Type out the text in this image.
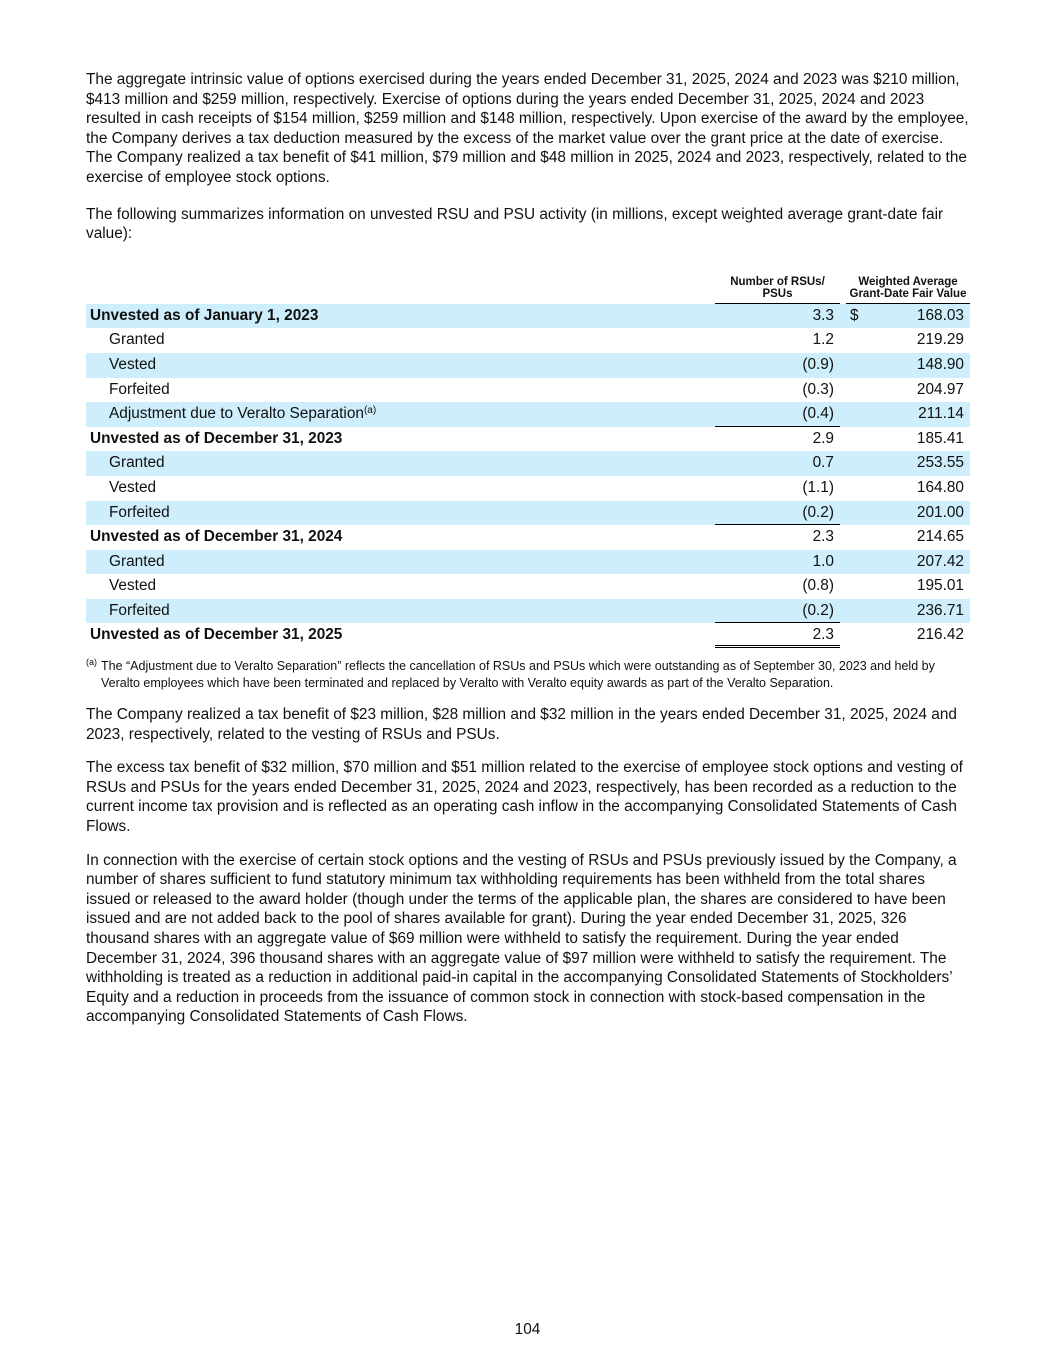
The aggregate intrinsic value of options exercised during the years ended December 31, 2025, 2024 and 2023 was $210 million, $413 million and $259 million, respectively. Exercise of options during the years ended December 31, 2025, 2024 and 2023 resulted in cash receipts of $154 million, $259 million and $148 million, respectively. Upon exercise of the award by the employee, the Company derives a tax deduction measured by the excess of the market value over the grant price at the date of exercise. The Company realized a tax benefit of $41 million, $79 million and $48 million in 2025, 2024 and 2023, respectively, related to the exercise of employee stock options.

The following summarizes information on unvested RSU and PSU activity (in millions, except weighted average grant-date fair value):

Number of RSUs/ PSUs
Weighted Average Grant-Date Fair Value
Unvested as of January 1, 2023	3.3	$	168.03
Granted	1.2	219.29
Vested	(0.9)	148.90
Forfeited	(0.3)	204.97
Adjustment due to Veralto Separation$^{(a)}$	(0.4)	211.14
Unvested as of December 31, 2023	2.9	185.41
Granted	0.7	253.55
Vested	(1.1)	164.80
Forfeited	(0.2)	201.00
Unvested as of December 31, 2024	2.3	214.65
Granted	1.0	207.42
Vested	(0.8)	195.01
Forfeited	(0.2)	236.71
Unvested as of December 31, 2025	2.3	216.42
(a) The “Adjustment due to Veralto Separation” reflects the cancellation of RSUs and PSUs which were outstanding as of September 30, 2023 and held by Veralto employees which have been terminated and replaced by Veralto with Veralto equity awards as part of the Veralto Separation.

The Company realized a tax benefit of $23 million, $28 million and $32 million in the years ended December 31, 2025, 2024 and 2023, respectively, related to the vesting of RSUs and PSUs.

The excess tax benefit of $32 million, $70 million and $51 million related to the exercise of employee stock options and vesting of RSUs and PSUs for the years ended December 31, 2025, 2024 and 2023, respectively, has been recorded as a reduction to the current income tax provision and is reflected as an operating cash inflow in the accompanying Consolidated Statements of Cash Flows.

In connection with the exercise of certain stock options and the vesting of RSUs and PSUs previously issued by the Company, a number of shares sufficient to fund statutory minimum tax withholding requirements has been withheld from the total shares issued or released to the award holder (though under the terms of the applicable plan, the shares are considered to have been issued and are not added back to the pool of shares available for grant). During the year ended December 31, 2025, 326 thousand shares with an aggregate value of $69 million were withheld to satisfy the requirement. During the year ended December 31, 2024, 396 thousand shares with an aggregate value of $97 million were withheld to satisfy the requirement. The withholding is treated as a reduction in additional paid-in capital in the accompanying Consolidated Statements of Stockholders’ Equity and a reduction in proceeds from the issuance of common stock in connection with stock-based compensation in the accompanying Consolidated Statements of Cash Flows.

104
